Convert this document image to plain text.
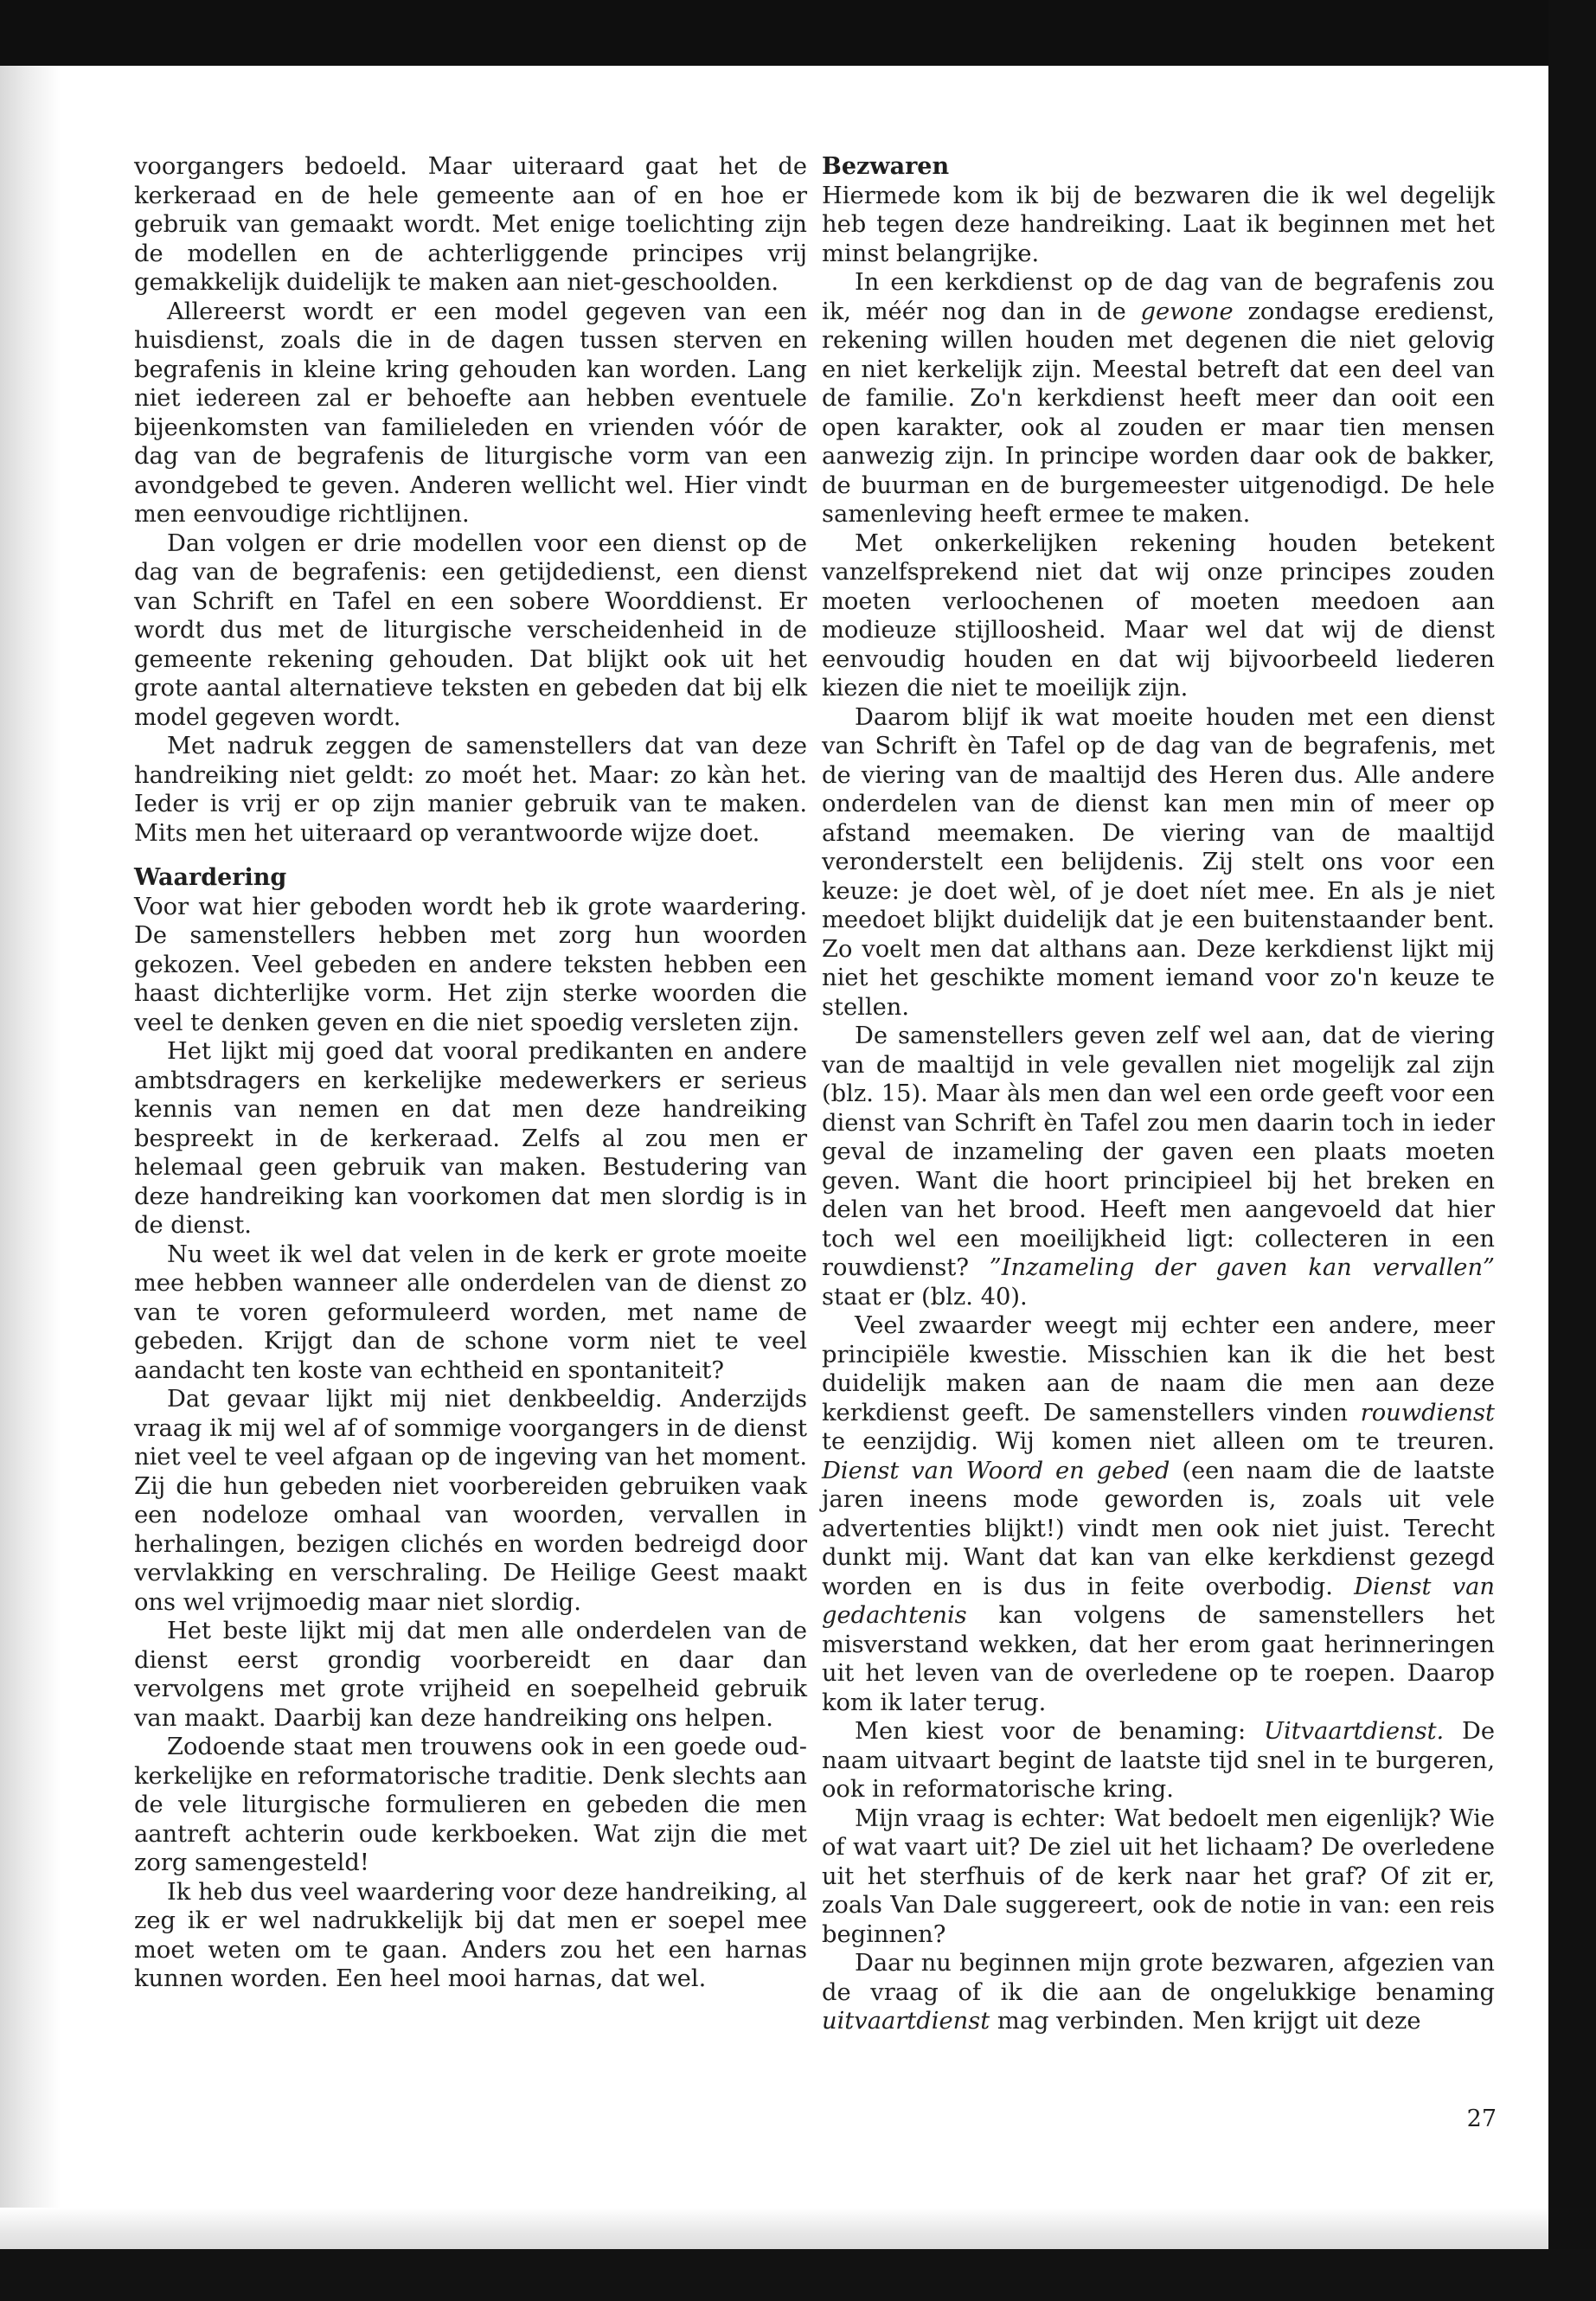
voorgangers bedoeld. Maar uiteraard gaat het de kerkeraad en de hele gemeente aan of en hoe er gebruik van gemaakt wordt. Met enige toelichting zijn de modellen en de achterliggende principes vrij gemakkelijk duidelijk te maken aan niet-geschoolden.

Allereerst wordt er een model gegeven van een huisdienst, zoals die in de dagen tussen sterven en begrafenis in kleine kring gehouden kan worden. Lang niet iedereen zal er behoefte aan hebben eventuele bijeenkomsten van familieleden en vrienden vóór de dag van de begrafenis de liturgische vorm van een avondgebed te geven. Anderen wellicht wel. Hier vindt men eenvoudige richtlijnen.

Dan volgen er drie modellen voor een dienst op de dag van de begrafenis: een getijdedienst, een dienst van Schrift en Tafel en een sobere Woorddienst. Er wordt dus met de liturgische verscheidenheid in de gemeente rekening gehouden. Dat blijkt ook uit het grote aantal alternatieve teksten en gebeden dat bij elk model gegeven wordt.

Met nadruk zeggen de samenstellers dat van deze handreiking niet geldt: zo moét het. Maar: zo kàn het. Ieder is vrij er op zijn manier gebruik van te maken. Mits men het uiteraard op verantwoorde wijze doet.

Waardering

Voor wat hier geboden wordt heb ik grote waardering. De samenstellers hebben met zorg hun woorden gekozen. Veel gebeden en andere teksten hebben een haast dichterlijke vorm. Het zijn sterke woorden die veel te denken geven en die niet spoedig versleten zijn.

Het lijkt mij goed dat vooral predikanten en andere ambtsdragers en kerkelijke medewerkers er serieus kennis van nemen en dat men deze handreiking bespreekt in de kerkeraad. Zelfs al zou men er helemaal geen gebruik van maken. Bestudering van deze handreiking kan voorkomen dat men slordig is in de dienst.

Nu weet ik wel dat velen in de kerk er grote moeite mee hebben wanneer alle onderdelen van de dienst zo van te voren geformuleerd worden, met name de gebeden. Krijgt dan de schone vorm niet te veel aandacht ten koste van echtheid en spontaniteit?

Dat gevaar lijkt mij niet denkbeeldig. Anderzijds vraag ik mij wel af of sommige voorgangers in de dienst niet veel te veel afgaan op de ingeving van het moment. Zij die hun gebeden niet voorbereiden gebruiken vaak een nodeloze omhaal van woorden, vervallen in herhalingen, bezigen clichés en worden bedreigd door vervlakking en verschraling. De Heilige Geest maakt ons wel vrijmoedig maar niet slordig.

Het beste lijkt mij dat men alle onderdelen van de dienst eerst grondig voorbereidt en daar dan vervolgens met grote vrijheid en soepelheid gebruik van maakt. Daarbij kan deze handreiking ons helpen.

Zodoende staat men trouwens ook in een goede oud-kerkelijke en reformatorische traditie. Denk slechts aan de vele liturgische formulieren en gebeden die men aantreft achterin oude kerkboeken. Wat zijn die met zorg samengesteld!

Ik heb dus veel waardering voor deze handreiking, al zeg ik er wel nadrukkelijk bij dat men er soepel mee moet weten om te gaan. Anders zou het een harnas kunnen worden. Een heel mooi harnas, dat wel.

Bezwaren

Hiermede kom ik bij de bezwaren die ik wel degelijk heb tegen deze handreiking. Laat ik beginnen met het minst belangrijke.

In een kerkdienst op de dag van de begrafenis zou ik, méér nog dan in de gewone zondagse eredienst, rekening willen houden met degenen die niet gelovig en niet kerkelijk zijn. Meestal betreft dat een deel van de familie. Zo'n kerkdienst heeft meer dan ooit een open karakter, ook al zouden er maar tien mensen aanwezig zijn. In principe worden daar ook de bakker, de buurman en de burgemeester uitgenodigd. De hele samenleving heeft ermee te maken.

Met onkerkelijken rekening houden betekent vanzelfsprekend niet dat wij onze principes zouden moeten verloochenen of moeten meedoen aan modieuze stijlloosheid. Maar wel dat wij de dienst eenvoudig houden en dat wij bijvoorbeeld liederen kiezen die niet te moeilijk zijn.

Daarom blijf ik wat moeite houden met een dienst van Schrift èn Tafel op de dag van de begrafenis, met de viering van de maaltijd des Heren dus. Alle andere onderdelen van de dienst kan men min of meer op afstand meemaken. De viering van de maaltijd veronderstelt een belijdenis. Zij stelt ons voor een keuze: je doet wèl, of je doet níet mee. En als je niet meedoet blijkt duidelijk dat je een buitenstaander bent. Zo voelt men dat althans aan. Deze kerkdienst lijkt mij niet het geschikte moment iemand voor zo'n keuze te stellen.

De samenstellers geven zelf wel aan, dat de viering van de maaltijd in vele gevallen niet mogelijk zal zijn (blz. 15). Maar àls men dan wel een orde geeft voor een dienst van Schrift èn Tafel zou men daarin toch in ieder geval de inzameling der gaven een plaats moeten geven. Want die hoort principieel bij het breken en delen van het brood. Heeft men aangevoeld dat hier toch wel een moeilijkheid ligt: collecteren in een rouwdienst? ”Inzameling der gaven kan vervallen” staat er (blz. 40).

Veel zwaarder weegt mij echter een andere, meer principiële kwestie. Misschien kan ik die het best duidelijk maken aan de naam die men aan deze kerkdienst geeft. De samenstellers vinden rouwdienst te eenzijdig. Wij komen niet alleen om te treuren. Dienst van Woord en gebed (een naam die de laatste jaren ineens mode geworden is, zoals uit vele advertenties blijkt!) vindt men ook niet juist. Terecht dunkt mij. Want dat kan van elke kerkdienst gezegd worden en is dus in feite overbodig. Dienst van gedachtenis kan volgens de samenstellers het misverstand wekken, dat her erom gaat herinneringen uit het leven van de overledene op te roepen. Daarop kom ik later terug.

Men kiest voor de benaming: Uitvaartdienst. De naam uitvaart begint de laatste tijd snel in te burgeren, ook in reformatorische kring.

Mijn vraag is echter: Wat bedoelt men eigenlijk? Wie of wat vaart uit? De ziel uit het lichaam? De overledene uit het sterfhuis of de kerk naar het graf? Of zit er, zoals Van Dale suggereert, ook de notie in van: een reis beginnen?

Daar nu beginnen mijn grote bezwaren, afgezien van de vraag of ik die aan de ongelukkige benaming uitvaartdienst mag verbinden. Men krijgt uit deze

27
